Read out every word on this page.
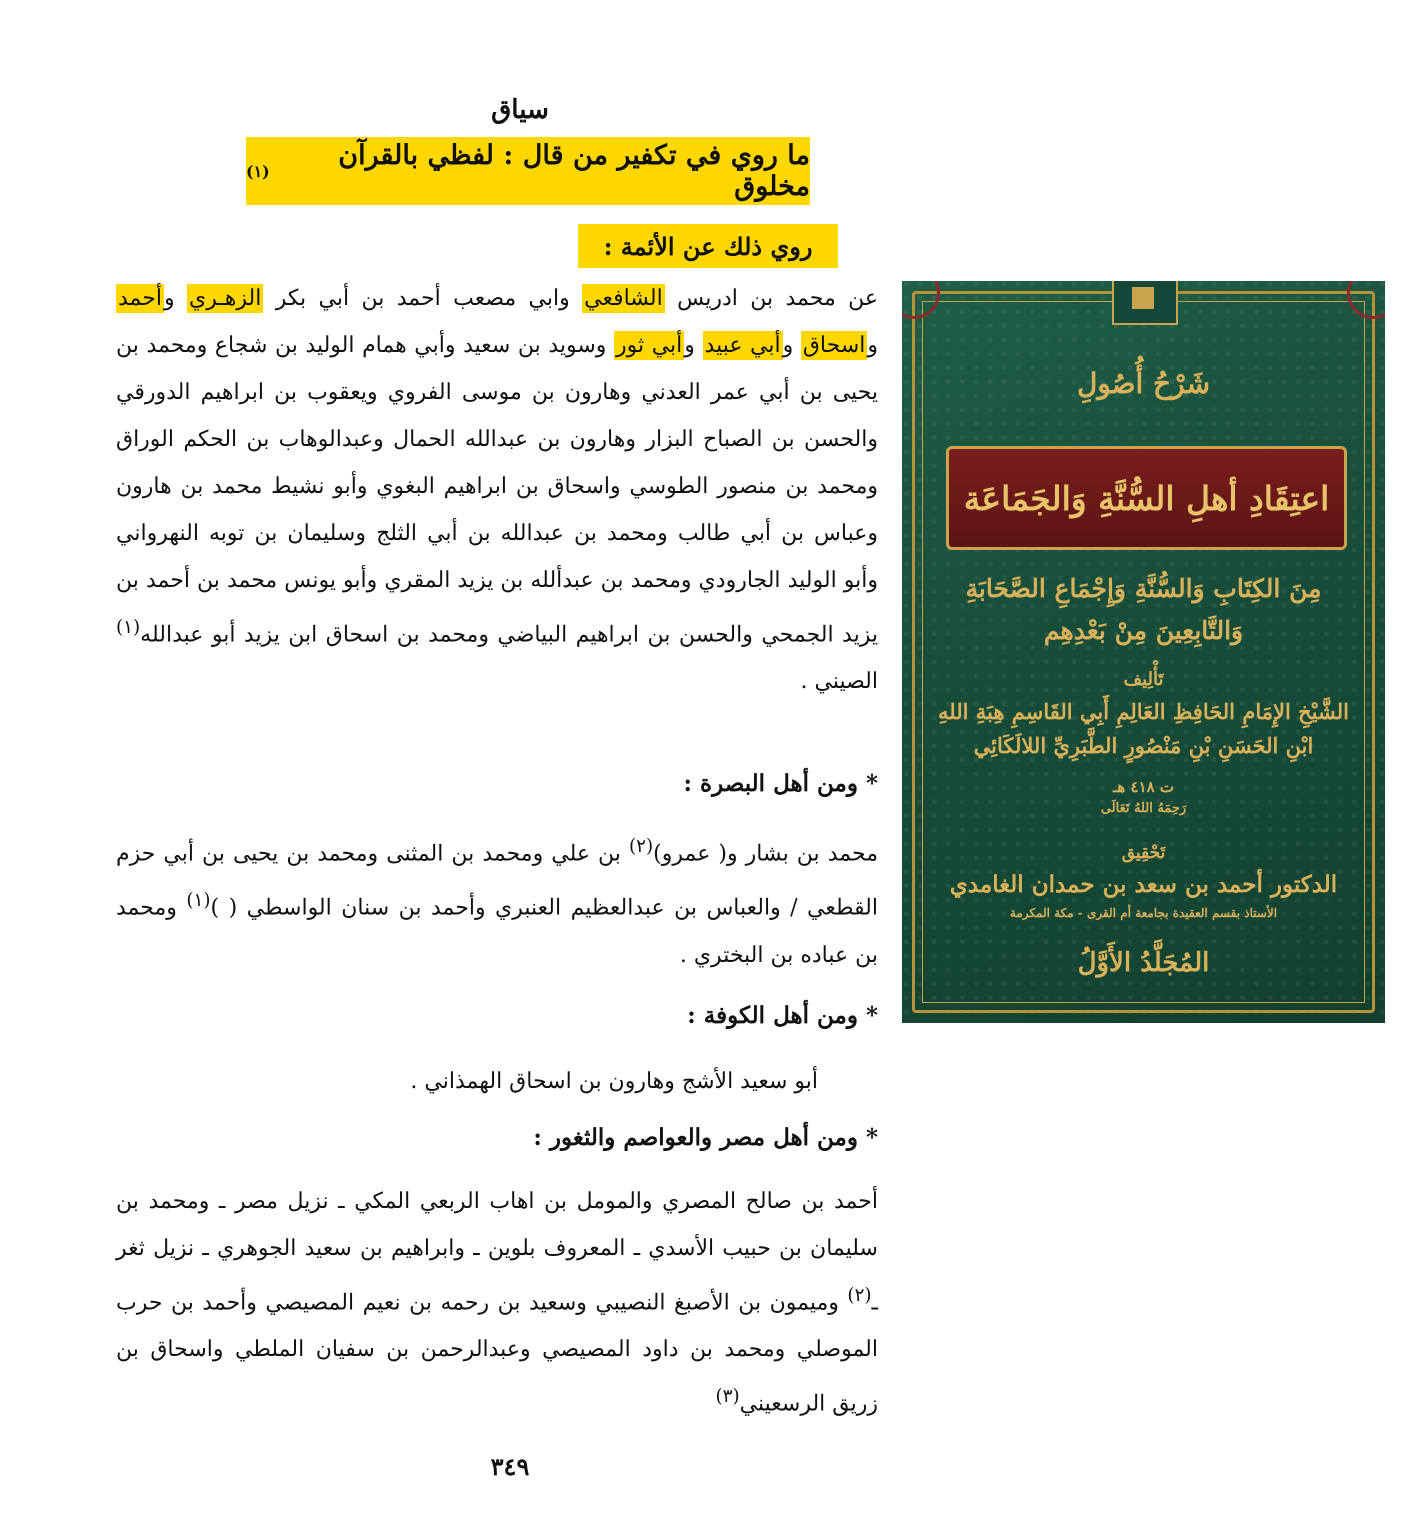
سياق
ما روي في تكفير من قال : لفظي بالقرآن مخلوق
(١)
روي ذلك عن الأئمة :
عن محمد بن ادريس الشافعي وابي مصعب أحمد بن أبي بكر الزهـري وأحمد واسحاق وأبي عبيد وأبي ثور وسويد بن سعيد وأبي همام الوليد بن شجاع ومحمد بن يحيى بن أبي عمر العدني وهارون بن موسى الفروي ويعقوب بن ابراهيم الدورقي والحسن بن الصباح البزار وهارون بن عبدالله الحمال وعبدالوهاب بن الحكم الوراق ومحمد بن منصور الطوسي واسحاق بن ابراهيم البغوي وأبو نشيط محمد بن هارون وعباس بن أبي طالب ومحمد بن عبدالله بن أبي الثلج وسليمان بن توبه النهرواني وأبو الوليد الجارودي ومحمد بن عبدألله بن يزيد المقري وأبو يونس محمد بن أحمد بن يزيد الجمحي والحسن بن ابراهيم البياضي ومحمد بن اسحاق ابن يزيد أبو عبدالله$^{(١)}$ الصيني .
* ومن أهل البصرة :
محمد بن بشار و( عمرو)$^{(٢)}$ بن علي ومحمد بن المثنى ومحمد بن يحيى بن أبي حزم القطعي / والعباس بن عبدالعظيم العنبري وأحمد بن سنان الواسطي ( )$^{(١)}$ ومحمد بن عباده بن البختري .
* ومن أهل الكوفة :
أبو سعيد الأشج وهارون بن اسحاق الهمذاني .
* ومن أهل مصر والعواصم والثغور :
أحمد بن صالح المصري والمومل بن اهاب الربعي المكي ـ نزيل مصر ـ ومحمد بن سليمان بن حبيب الأسدي ـ المعروف بلوين ـ وابراهيم بن سعيد الجوهري ـ نزيل ثغر ـ$^{(٢)}$ وميمون بن الأصبغ النصيبي وسعيد بن رحمه بن نعيم المصيصي وأحمد بن حرب الموصلي ومحمد بن داود المصيصي وعبدالرحمن بن سفيان الملطي واسحاق بن زريق الرسعيني$^{(٣)}$
٣٤٩
شَرْحُ أُصُولِ
اعتِقَادِ أهلِ السُّنَّةِ وَالجَمَاعَة
مِنَ الكِتَابِ وَالسُّنَّةِ وَإِجْمَاعِ الصَّحَابَةِ
وَالتَّابِعِينَ مِنْ بَعْدِهِم
تَأْلِيف
الشَّيْخِ الإِمَامِ الحَافِظِ العَالِمِ أَبِي القَاسِمِ هِبَةِ اللهِ
ابْنِ الحَسَنِ بْنِ مَنْصُورٍ الطَّبَرِيِّ اللالَكَائِي
ت ٤١٨ هـ
رَحِمَهُ اللهُ تَعَالَى
تَحْقِيق
الدكتور أحمد بن سعد بن حمدان الغامدي
الأستاذ بقسم العقيدة بجامعة أم القرى - مكة المكرمة
المُجَلَّدُ الأَوَّلُ
